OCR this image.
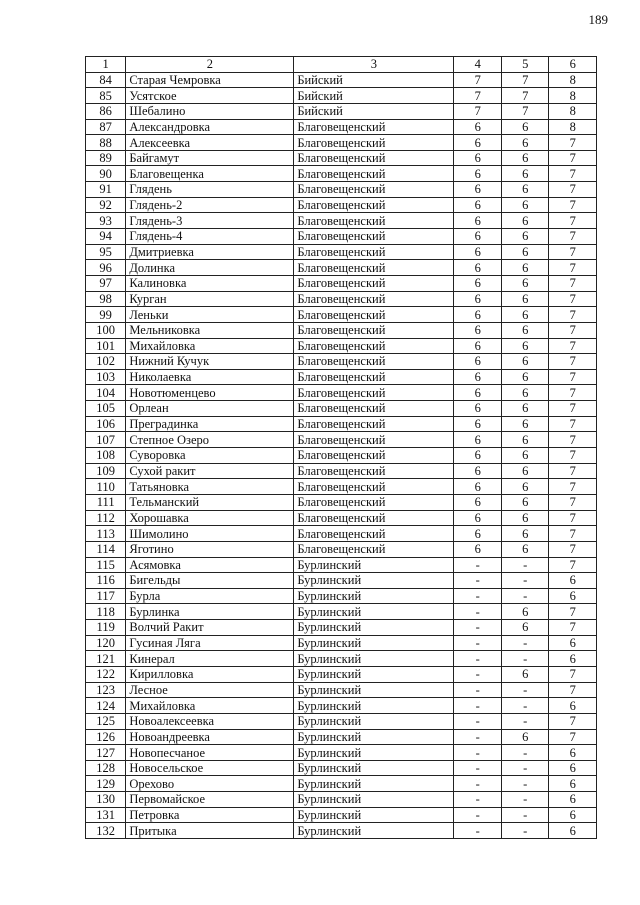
189
1	2	3	4	5	6
84	Старая Чемровка	Бийский	7	7	8
85	Усятское	Бийский	7	7	8
86	Шебалино	Бийский	7	7	8
87	Александровка	Благовещенский	6	6	8
88	Алексеевка	Благовещенский	6	6	7
89	Байгамут	Благовещенский	6	6	7
90	Благовещенка	Благовещенский	6	6	7
91	Глядень	Благовещенский	6	6	7
92	Глядень-2	Благовещенский	6	6	7
93	Глядень-3	Благовещенский	6	6	7
94	Глядень-4	Благовещенский	6	6	7
95	Дмитриевка	Благовещенский	6	6	7
96	Долинка	Благовещенский	6	6	7
97	Калиновка	Благовещенский	6	6	7
98	Курган	Благовещенский	6	6	7
99	Леньки	Благовещенский	6	6	7
100	Мельниковка	Благовещенский	6	6	7
101	Михайловка	Благовещенский	6	6	7
102	Нижний Кучук	Благовещенский	6	6	7
103	Николаевка	Благовещенский	6	6	7
104	Новотюменцево	Благовещенский	6	6	7
105	Орлеан	Благовещенский	6	6	7
106	Преградинка	Благовещенский	6	6	7
107	Степное Озеро	Благовещенский	6	6	7
108	Суворовка	Благовещенский	6	6	7
109	Сухой ракит	Благовещенский	6	6	7
110	Татьяновка	Благовещенский	6	6	7
111	Тельманский	Благовещенский	6	6	7
112	Хорошавка	Благовещенский	6	6	7
113	Шимолино	Благовещенский	6	6	7
114	Яготино	Благовещенский	6	6	7
115	Асямовка	Бурлинский	-	-	7
116	Бигельды	Бурлинский	-	-	6
117	Бурла	Бурлинский	-	-	6
118	Бурлинка	Бурлинский	-	6	7
119	Волчий Ракит	Бурлинский	-	6	7
120	Гусиная Ляга	Бурлинский	-	-	6
121	Кинерал	Бурлинский	-	-	6
122	Кирилловка	Бурлинский	-	6	7
123	Лесное	Бурлинский	-	-	7
124	Михайловка	Бурлинский	-	-	6
125	Новоалексеевка	Бурлинский	-	-	7
126	Новоандреевка	Бурлинский	-	6	7
127	Новопесчаное	Бурлинский	-	-	6
128	Новосельское	Бурлинский	-	-	6
129	Орехово	Бурлинский	-	-	6
130	Первомайское	Бурлинский	-	-	6
131	Петровка	Бурлинский	-	-	6
132	Притыка	Бурлинский	-	-	6
